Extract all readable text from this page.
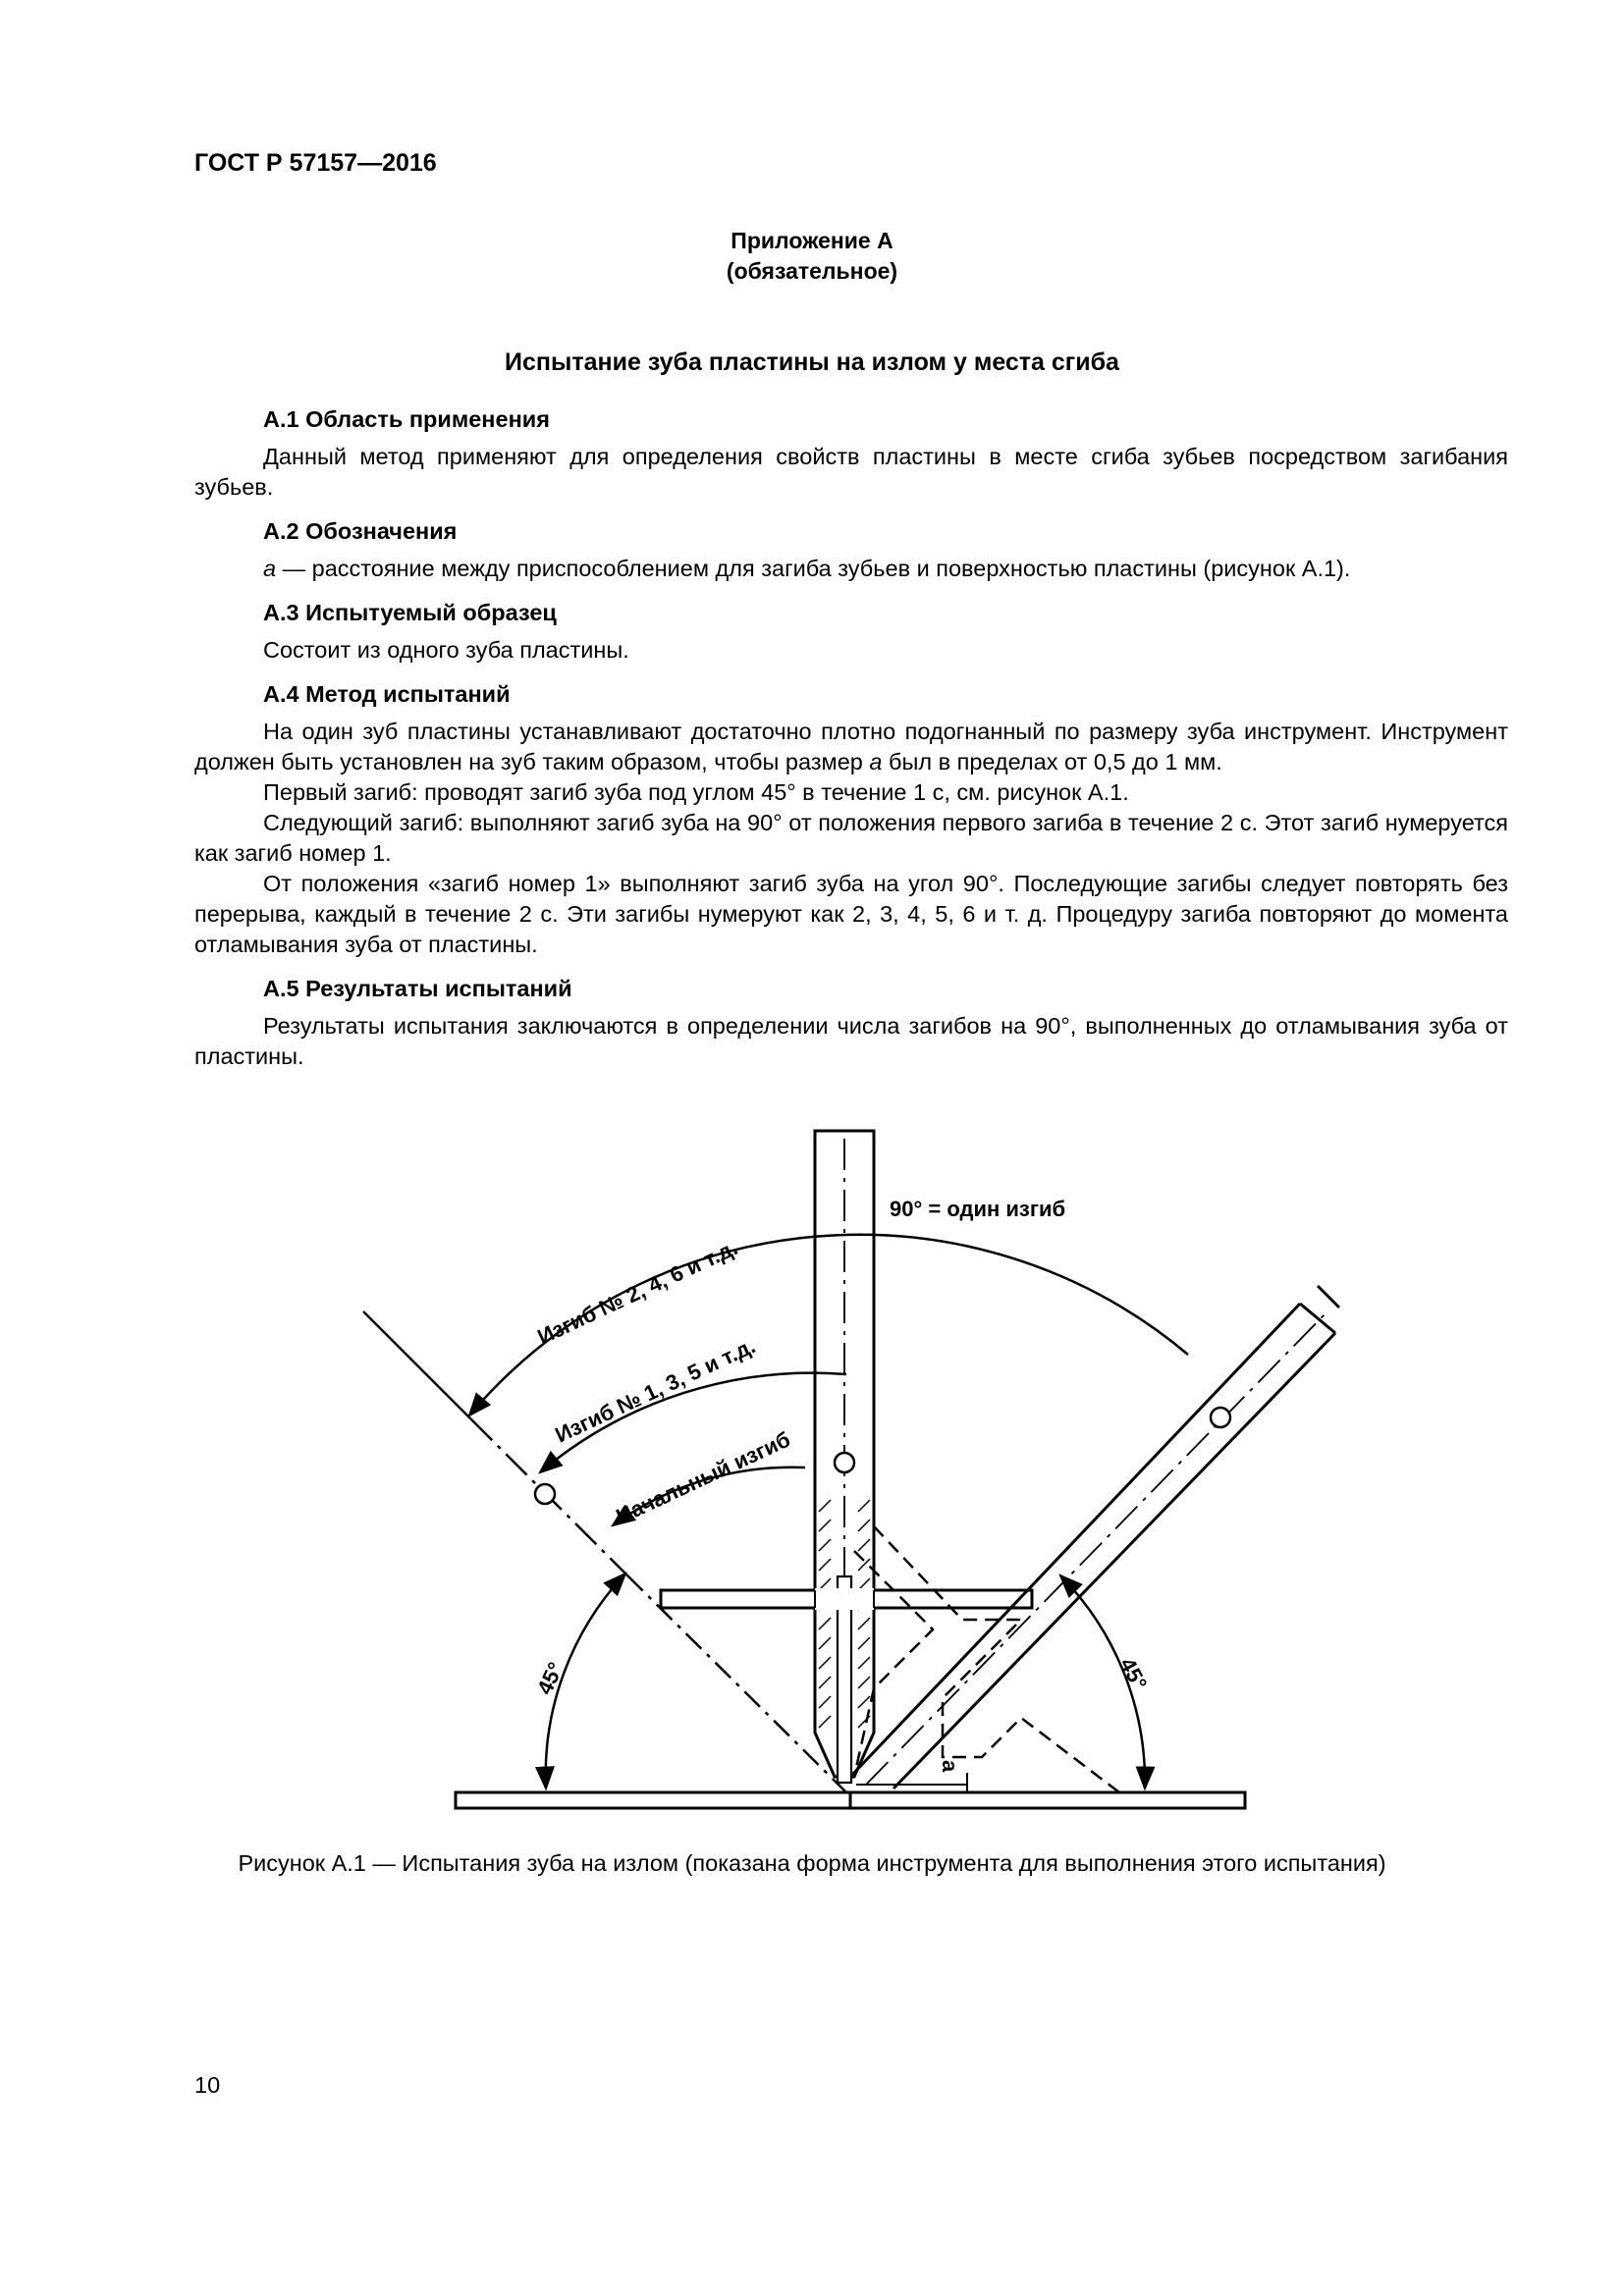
ГОСТ Р 57157—2016
Приложение А
(обязательное)
Испытание зуба пластины на излом у места сгиба
А.1 Область применения

Данный метод применяют для определения свойств пластины в месте сгиба зубьев посредством загибания зубьев.

А.2 Обозначения

а — расстояние между приспособлением для загиба зубьев и поверхностью пластины (рисунок А.1).

А.3 Испытуемый образец

Состоит из одного зуба пластины.

А.4 Метод испытаний

На один зуб пластины устанавливают достаточно плотно подогнанный по размеру зуба инструмент. Инструмент должен быть установлен на зуб таким образом, чтобы размер а был в пределах от 0,5 до 1 мм.

Первый загиб: проводят загиб зуба под углом 45° в течение 1 с, см. рисунок А.1.

Следующий загиб: выполняют загиб зуба на 90° от положения первого загиба в течение 2 с. Этот загиб нумеруется как загиб номер 1.

От положения «загиб номер 1» выполняют загиб зуба на угол 90°. Последующие загибы следует повторять без перерыва, каждый в течение 2 с. Эти загибы нумеруют как 2, 3, 4, 5, 6 и т. д. Процедуру загиба повторяют до момента отламывания зуба от пластины.

А.5 Результаты испытаний

Результаты испытания заключаются в определении числа загибов на 90°, выполненных до отламывания зуба от пластины.

90° = один изгиб
Изгиб № 2, 4, 6 и т.д.
Изгиб № 1, 3, 5 и т.д.
Начальный изгиб
45°	45°
а
Рисунок А.1 — Испытания зуба на излом (показана форма инструмента для выполнения этого испытания)
10
